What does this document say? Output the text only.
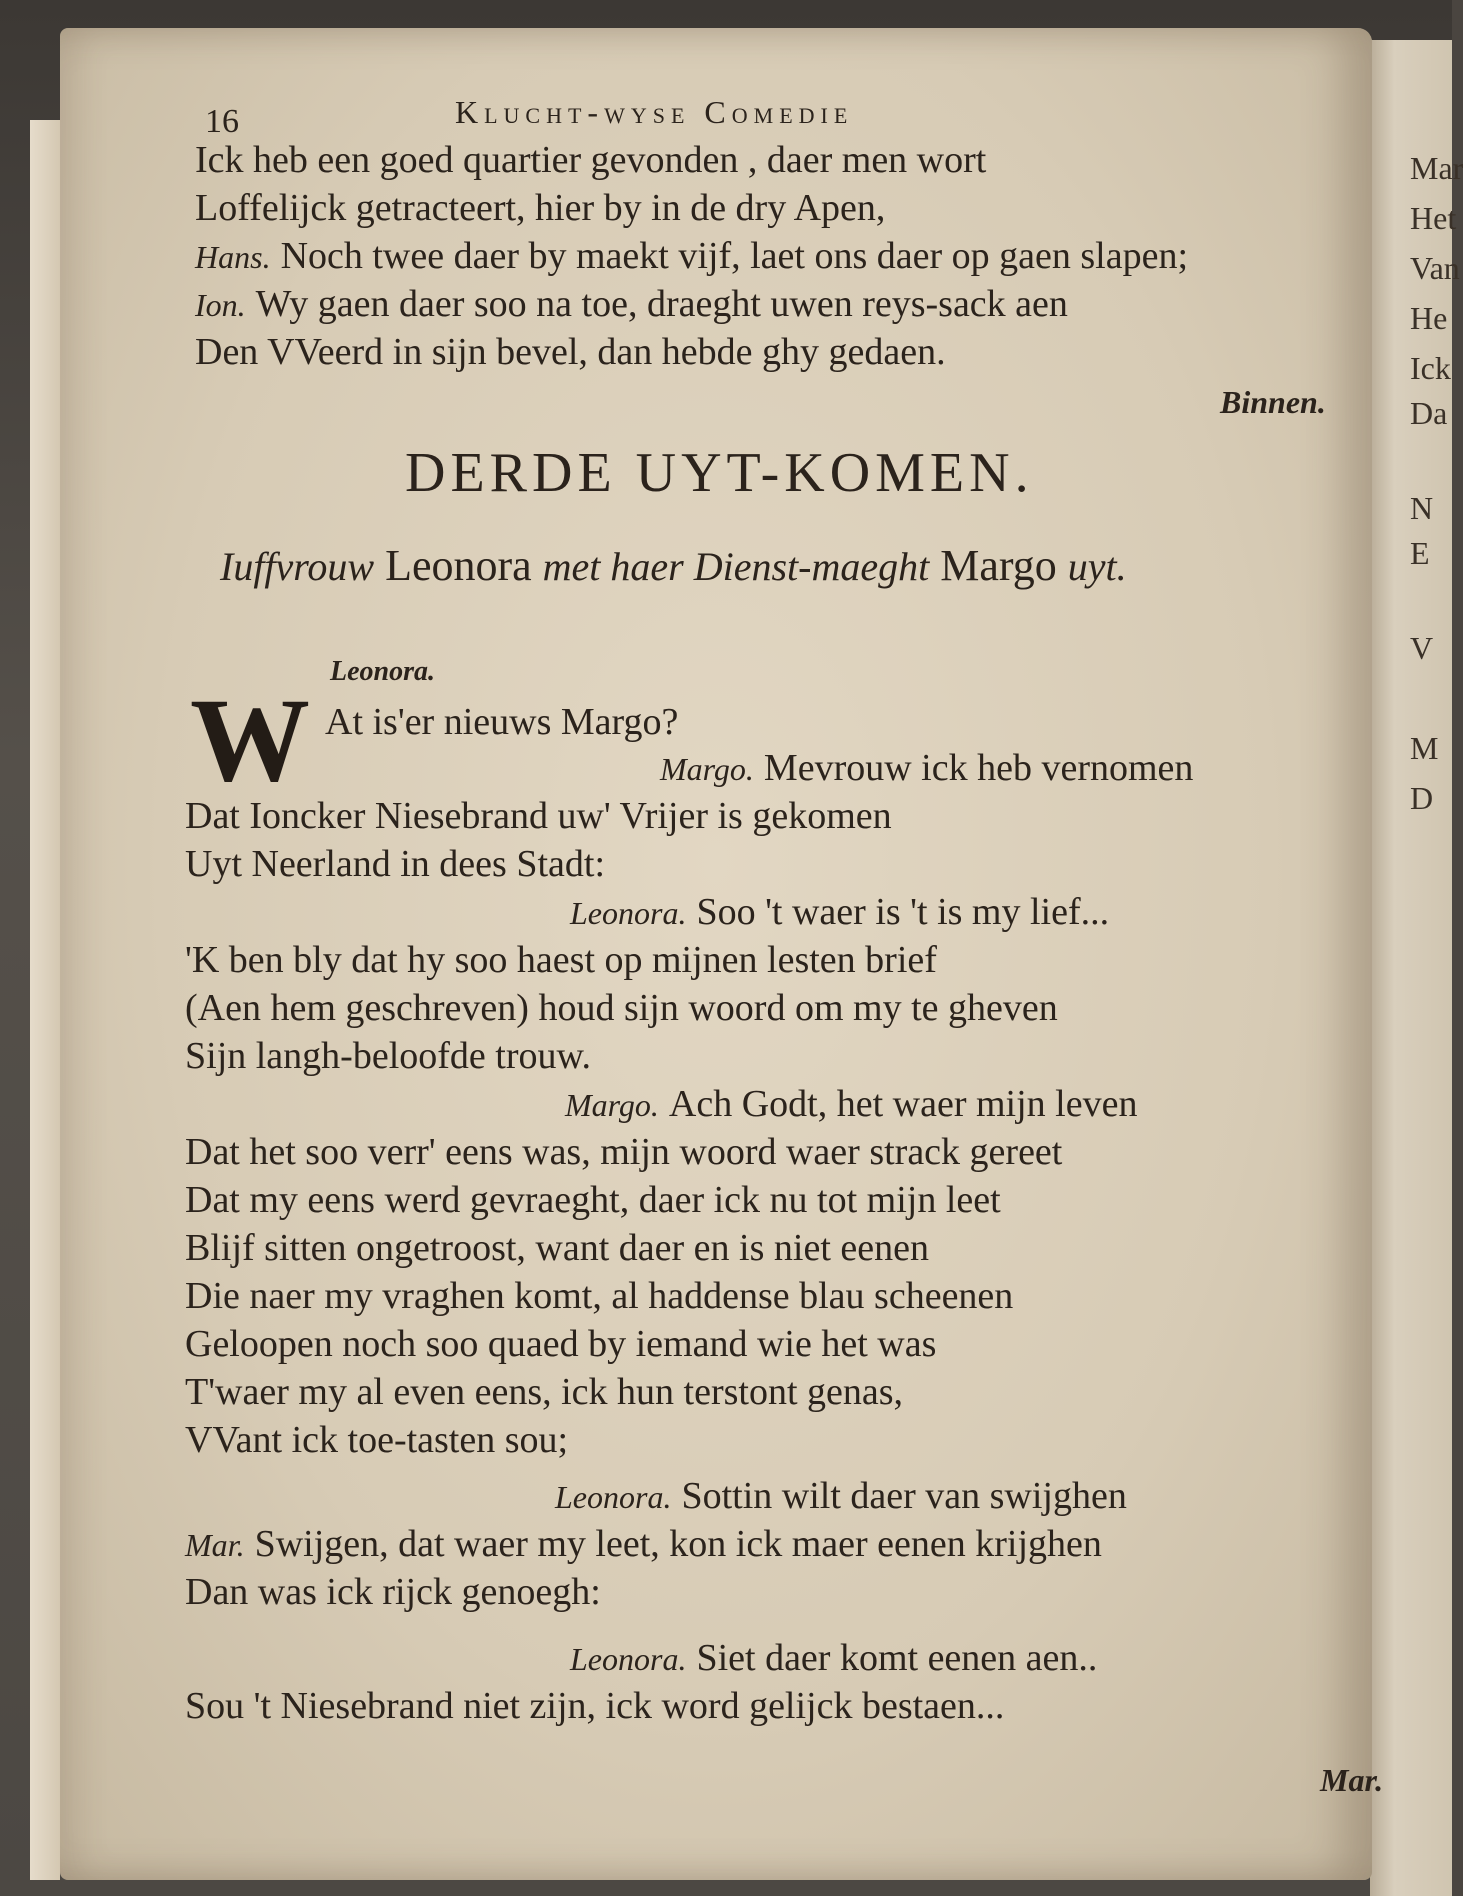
Mar
Het
Van
He
Ick
Da
N
E
V
M
D
16	Klucht-wyse Comedie
Ick heb een goed quartier gevonden , daer men wort
Loffelijck getracteert, hier by in de dry Apen,
Hans. Noch twee daer by maekt vijf, laet ons daer op gaen slapen;
Ion. Wy gaen daer soo na toe, draeght uwen reys-sack aen
Den VVeerd in sijn bevel, dan hebde ghy gedaen.
Binnen.
DERDE UYT-KOMEN.
Iuffvrouw Leonora met haer Dienst-maeght Margo uyt.
Leonora.
W At is'er nieuws Margo?
Margo. Mevrouw ick heb vernomen
Dat Ioncker Niesebrand uw' Vrijer is gekomen
Uyt Neerland in dees Stadt:
Leonora. Soo 't waer is 't is my lief...
'K ben bly dat hy soo haest op mijnen lesten brief
(Aen hem geschreven) houd sijn woord om my te gheven
Sijn langh-beloofde trouw.
Margo. Ach Godt, het waer mijn leven
Dat het soo verr' eens was, mijn woord waer strack gereet
Dat my eens werd gevraeght, daer ick nu tot mijn leet
Blijf sitten ongetroost, want daer en is niet eenen
Die naer my vraghen komt, al haddense blau scheenen
Geloopen noch soo quaed by iemand wie het was
T'waer my al even eens, ick hun terstont genas,
VVant ick toe-tasten sou;
Leonora. Sottin wilt daer van swijghen
Mar. Swijgen, dat waer my leet, kon ick maer eenen krijghen
Dan was ick rijck genoegh:
Leonora. Siet daer komt eenen aen..
Sou 't Niesebrand niet zijn, ick word gelijck bestaen...
Mar.
